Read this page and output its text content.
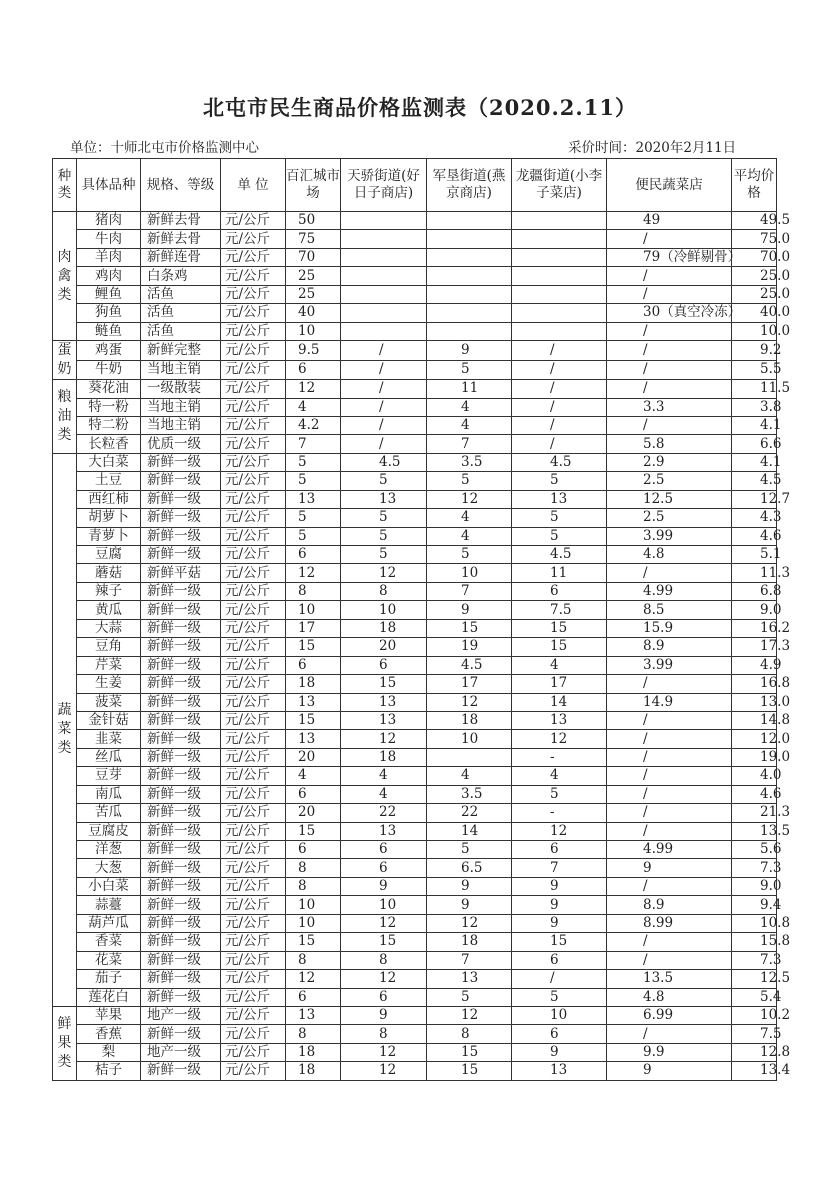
北屯市民生商品价格监测表（2020.2.11）
单位：十师北屯市价格监测中心	采价时间：2020年2月11日
种类	具体品种	规格、等级	单 位	百汇城市场	天骄街道(好日子商店)	军垦街道(燕京商店)	龙疆街道(小李子菜店)	便民蔬菜店	平均价格
肉禽类	猪肉	新鲜去骨	元/公斤	50				49	49.5
	牛肉	新鲜去骨	元/公斤	75				/	75.0
	羊肉	新鲜连骨	元/公斤	70				79（冷鲜剔骨）	70.0
	鸡肉	白条鸡	元/公斤	25				/	25.0
	鲤鱼	活鱼	元/公斤	25				/	25.0
	狗鱼	活鱼	元/公斤	40				30（真空冷冻）	40.0
	鲢鱼	活鱼	元/公斤	10				/	10.0
蛋奶	鸡蛋	新鲜完整	元/公斤	9.5	/	9	/	/	9.2
	牛奶	当地主销	元/公斤	6	/	5	/	/	5.5
粮油类	葵花油	一级散装	元/公斤	12	/	11	/	/	11.5
	特一粉	当地主销	元/公斤	4	/	4	/	3.3	3.8
	特二粉	当地主销	元/公斤	4.2	/	4	/	/	4.1
	长粒香	优质一级	元/公斤	7	/	7	/	5.8	6.6
蔬菜类	大白菜	新鲜一级	元/公斤	5	4.5	3.5	4.5	2.9	4.1
	土豆	新鲜一级	元/公斤	5	5	5	5	2.5	4.5
	西红柿	新鲜一级	元/公斤	13	13	12	13	12.5	12.7
	胡萝卜	新鲜一级	元/公斤	5	5	4	5	2.5	4.3
	青萝卜	新鲜一级	元/公斤	5	5	4	5	3.99	4.6
	豆腐	新鲜一级	元/公斤	6	5	5	4.5	4.8	5.1
	蘑菇	新鲜平菇	元/公斤	12	12	10	11	/	11.3
	辣子	新鲜一级	元/公斤	8	8	7	6	4.99	6.8
	黄瓜	新鲜一级	元/公斤	10	10	9	7.5	8.5	9.0
	大蒜	新鲜一级	元/公斤	17	18	15	15	15.9	16.2
	豆角	新鲜一级	元/公斤	15	20	19	15	8.9	17.3
	芹菜	新鲜一级	元/公斤	6	6	4.5	4	3.99	4.9
	生姜	新鲜一级	元/公斤	18	15	17	17	/	16.8
	菠菜	新鲜一级	元/公斤	13	13	12	14	14.9	13.0
	金针菇	新鲜一级	元/公斤	15	13	18	13	/	14.8
	韭菜	新鲜一级	元/公斤	13	12	10	12	/	12.0
	丝瓜	新鲜一级	元/公斤	20	18		-	/	19.0
	豆芽	新鲜一级	元/公斤	4	4	4	4	/	4.0
	南瓜	新鲜一级	元/公斤	6	4	3.5	5	/	4.6
	苦瓜	新鲜一级	元/公斤	20	22	22	-	/	21.3
	豆腐皮	新鲜一级	元/公斤	15	13	14	12	/	13.5
	洋葱	新鲜一级	元/公斤	6	6	5	6	4.99	5.6
	大葱	新鲜一级	元/公斤	8	6	6.5	7	9	7.3
	小白菜	新鲜一级	元/公斤	8	9	9	9	/	9.0
	蒜薹	新鲜一级	元/公斤	10	10	9	9	8.9	9.4
	葫芦瓜	新鲜一级	元/公斤	10	12	12	9	8.99	10.8
	香菜	新鲜一级	元/公斤	15	15	18	15	/	15.8
	花菜	新鲜一级	元/公斤	8	8	7	6	/	7.3
	茄子	新鲜一级	元/公斤	12	12	13	/	13.5	12.5
	莲花白	新鲜一级	元/公斤	6	6	5	5	4.8	5.4
鲜果类	苹果	地产一级	元/公斤	13	9	12	10	6.99	10.2
	香蕉	新鲜一级	元/公斤	8	8	8	6	/	7.5
	梨	地产一级	元/公斤	18	12	15	9	9.9	12.8
	桔子	新鲜一级	元/公斤	18	12	15	13	9	13.4
